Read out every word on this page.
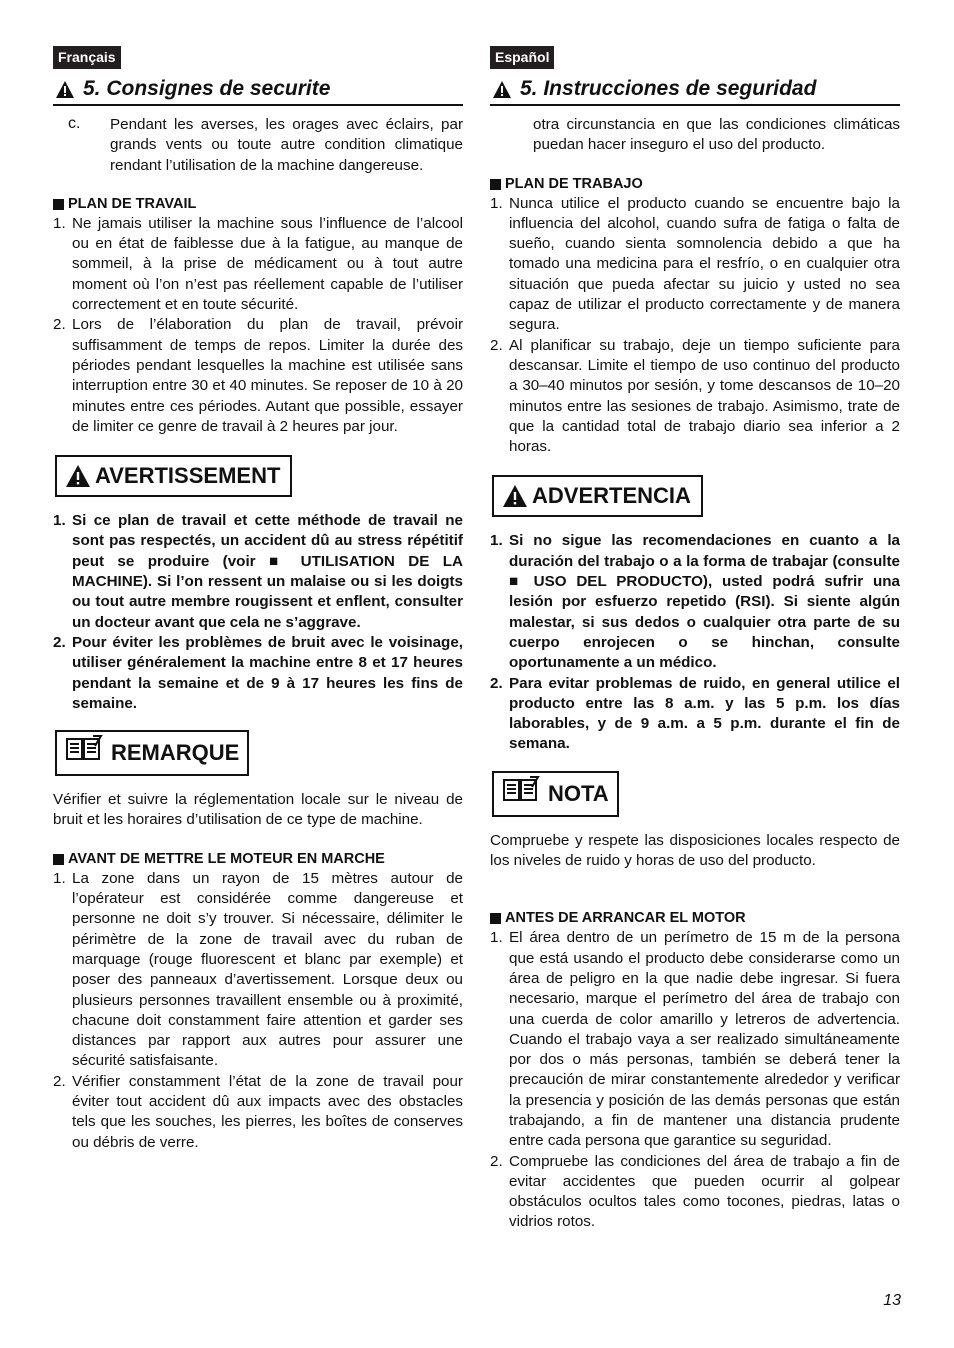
Français
5. Consignes de securite
c.	Pendant les averses, les orages avec éclairs, par grands vents ou toute autre condition climatique rendant l’utilisation de la machine dangereuse.

PLAN DE TRAVAIL
1. Ne jamais utiliser la machine sous l’influence de l’alcool ou en état de faiblesse due à la fatigue, au manque de sommeil, à la prise de médicament ou à tout autre moment où l’on n’est pas réellement capable de l’utiliser correctement et en toute sécurité.
2. Lors de l’élaboration du plan de travail, prévoir suffisamment de temps de repos. Limiter la durée des périodes pendant lesquelles la machine est utilisée sans interruption entre 30 et 40 minutes. Se reposer de 10 à 20 minutes entre ces périodes. Autant que possible, essayer de limiter ce genre de travail à 2 heures par jour.
AVERTISSEMENT
1. Si ce plan de travail et cette méthode de travail ne sont pas respectés, un accident dû au stress répétitif peut se produire (voir ■ UTILISATION DE LA MACHINE). Si l’on ressent un malaise ou si les doigts ou tout autre membre rougissent et enflent, consulter un docteur avant que cela ne s’aggrave.
2. Pour éviter les problèmes de bruit avec le voisinage, utiliser généralement la machine entre 8 et 17 heures pendant la semaine et de 9 à 17 heures les fins de semaine.
REMARQUE

Vérifier et suivre la réglementation locale sur le niveau de bruit et les horaires d’utilisation de ce type de machine.

AVANT DE METTRE LE MOTEUR EN MARCHE
1. La zone dans un rayon de 15 mètres autour de l’opérateur est considérée comme dangereuse et personne ne doit s’y trouver. Si nécessaire, délimiter le périmètre de la zone de travail avec du ruban de marquage (rouge fluorescent et blanc par exemple) et poser des panneaux d’avertissement. Lorsque deux ou plusieurs personnes travaillent ensemble ou à proximité, chacune doit constamment faire attention et garder ses distances par rapport aux autres pour assurer une sécurité satisfaisante.
2. Vérifier constamment l’état de la zone de travail pour éviter tout accident dû aux impacts avec des obstacles tels que les souches, les pierres, les boîtes de conserves ou débris de verre.
Español
5. Instrucciones de seguridad

otra circunstancia en que las condiciones climáticas puedan hacer inseguro el uso del producto.

PLAN DE TRABAJO
1. Nunca utilice el producto cuando se encuentre bajo la influencia del alcohol, cuando sufra de fatiga o falta de sueño, cuando sienta somnolencia debido a que ha tomado una medicina para el resfrío, o en cualquier otra situación que pueda afectar su juicio y usted no sea capaz de utilizar el producto correctamente y de manera segura.
2. Al planificar su trabajo, deje un tiempo suficiente para descansar. Limite el tiempo de uso continuo del producto a 30–40 minutos por sesión, y tome descansos de 10–20 minutos entre las sesiones de trabajo. Asimismo, trate de que la cantidad total de trabajo diario sea inferior a 2 horas.
ADVERTENCIA
1. Si no sigue las recomendaciones en cuanto a la duración del trabajo o a la forma de trabajar (consulte ■ USO DEL PRODUCTO), usted podrá sufrir una lesión por esfuerzo repetido (RSI). Si siente algún malestar, si sus dedos o cualquier otra parte de su cuerpo enrojecen o se hinchan, consulte oportunamente a un médico.
2. Para evitar problemas de ruido, en general utilice el producto entre las 8 a.m. y las 5 p.m. los días laborables, y de 9 a.m. a 5 p.m. durante el fin de semana.
NOTA

Compruebe y respete las disposiciones locales respecto de los niveles de ruido y horas de uso del producto.

ANTES DE ARRANCAR EL MOTOR
1. El área dentro de un perímetro de 15 m de la persona que está usando el producto debe considerarse como un área de peligro en la que nadie debe ingresar. Si fuera necesario, marque el perímetro del área de trabajo con una cuerda de color amarillo y letreros de advertencia. Cuando el trabajo vaya a ser realizado simultáneamente por dos o más personas, también se deberá tener la precaución de mirar constantemente alrededor y verificar la presencia y posición de las demás personas que están trabajando, a fin de mantener una distancia prudente entre cada persona que garantice su seguridad.
2. Compruebe las condiciones del área de trabajo a fin de evitar accidentes que pueden ocurrir al golpear obstáculos ocultos tales como tocones, piedras, latas o vidrios rotos.
13
